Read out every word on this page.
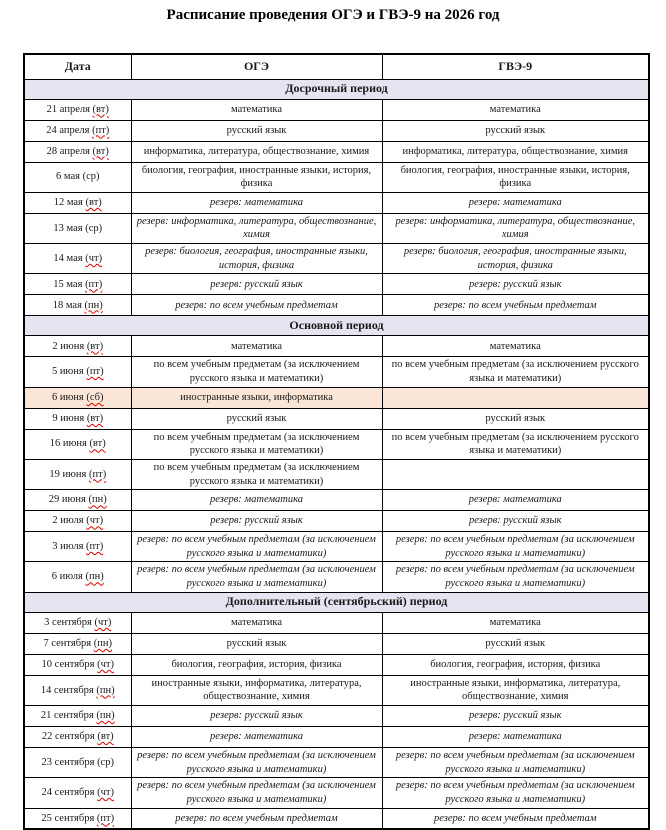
Расписание проведения ОГЭ и ГВЭ-9 на 2026 год
Дата	ОГЭ	ГВЭ-9
Досрочный период		
21 апреля (вт)	математика	математика
24 апреля (пт)	русский язык	русский язык
28 апреля (вт)	информатика, литература, обществознание, химия	информатика, литература, обществознание, химия
6 мая (ср)	биология, география, иностранные языки, история, физика	биология, география, иностранные языки, история, физика
12 мая (вт)	резерв: математика	резерв: математика
13 мая (ср)	резерв: информатика, литература, обществознание, химия	резерв: информатика, литература, обществознание, химия
14 мая (чт)	резерв: биология, география, иностранные языки, история, физика	резерв: биология, география, иностранные языки, история, физика
15 мая (пт)	резерв: русский язык	резерв: русский язык
18 мая (пн)	резерв: по всем учебным предметам	резерв: по всем учебным предметам
Основной период		
2 июня (вт)	математика	математика
5 июня (пт)	по всем учебным предметам (за исключением русского языка и математики)	по всем учебным предметам (за исключением русского языка и математики)
6 июня (сб)	иностранные языки, информатика	
9 июня (вт)	русский язык	русский язык
16 июня (вт)	по всем учебным предметам (за исключением русского языка и математики)	по всем учебным предметам (за исключением русского языка и математики)
19 июня (пт)	по всем учебным предметам (за исключением русского языка и математики)	
29 июня (пн)	резерв: математика	резерв: математика
2 июля (чт)	резерв: русский язык	резерв: русский язык
3 июля (пт)	резерв: по всем учебным предметам (за исключением русского языка и математики)	резерв: по всем учебным предметам (за исключением русского языка и математики)
6 июля (пн)	резерв: по всем учебным предметам (за исключением русского языка и математики)	резерв: по всем учебным предметам (за исключением русского языка и математики)
Дополнительный (сентябрьский) период		
3 сентября (чт)	математика	математика
7 сентября (пн)	русский язык	русский язык
10 сентября (чт)	биология, география, история, физика	биология, география, история, физика
14 сентября (пн)	иностранные языки, информатика, литература, обществознание, химия	иностранные языки, информатика, литература, обществознание, химия
21 сентября (пн)	резерв: русский язык	резерв: русский язык
22 сентября (вт)	резерв: математика	резерв: математика
23 сентября (ср)	резерв: по всем учебным предметам (за исключением русского языка и математики)	резерв: по всем учебным предметам (за исключением русского языка и математики)
24 сентября (чт)	резерв: по всем учебным предметам (за исключением русского языка и математики)	резерв: по всем учебным предметам (за исключением русского языка и математики)
25 сентября (пт)	резерв: по всем учебным предметам	резерв: по всем учебным предметам
